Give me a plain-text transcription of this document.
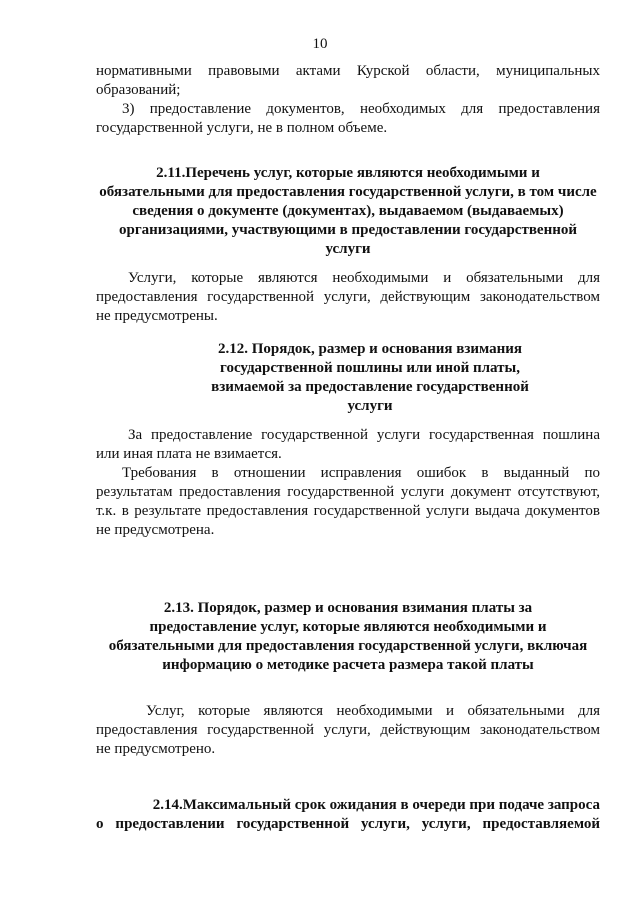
10
нормативными правовыми актами Курской области, муниципальных
образований;
3) предоставление документов, необходимых для предоставления
государственной услуги, не в полном объеме.
2.11.Перечень услуг, которые являются необходимыми и
обязательными для предоставления государственной услуги, в том числе
сведения о документе (документах), выдаваемом (выдаваемых)
организациями, участвующими в предоставлении государственной
услуги
Услуги, которые являются необходимыми и обязательными для
предоставления государственной услуги, действующим законодательством
не предусмотрены.
2.12. Порядок, размер и основания взимания
государственной пошлины или иной платы,
взимаемой за предоставление государственной
услуги
За предоставление государственной услуги государственная пошлина
или иная плата не взимается.
Требования в отношении исправления ошибок в выданный по
результатам предоставления государственной услуги документ отсутствуют,
т.к. в результате предоставления государственной услуги выдача документов
не предусмотрена.
2.13. Порядок, размер и основания взимания платы за
предоставление услуг, которые являются необходимыми и
обязательными для предоставления государственной услуги, включая
информацию о методике расчета размера такой платы
Услуг, которые являются необходимыми и обязательными для
предоставления государственной услуги, действующим законодательством
не предусмотрено.
2.14.Максимальный срок ожидания в очереди при подаче запроса
о предоставлении государственной услуги, услуги, предоставляемой
